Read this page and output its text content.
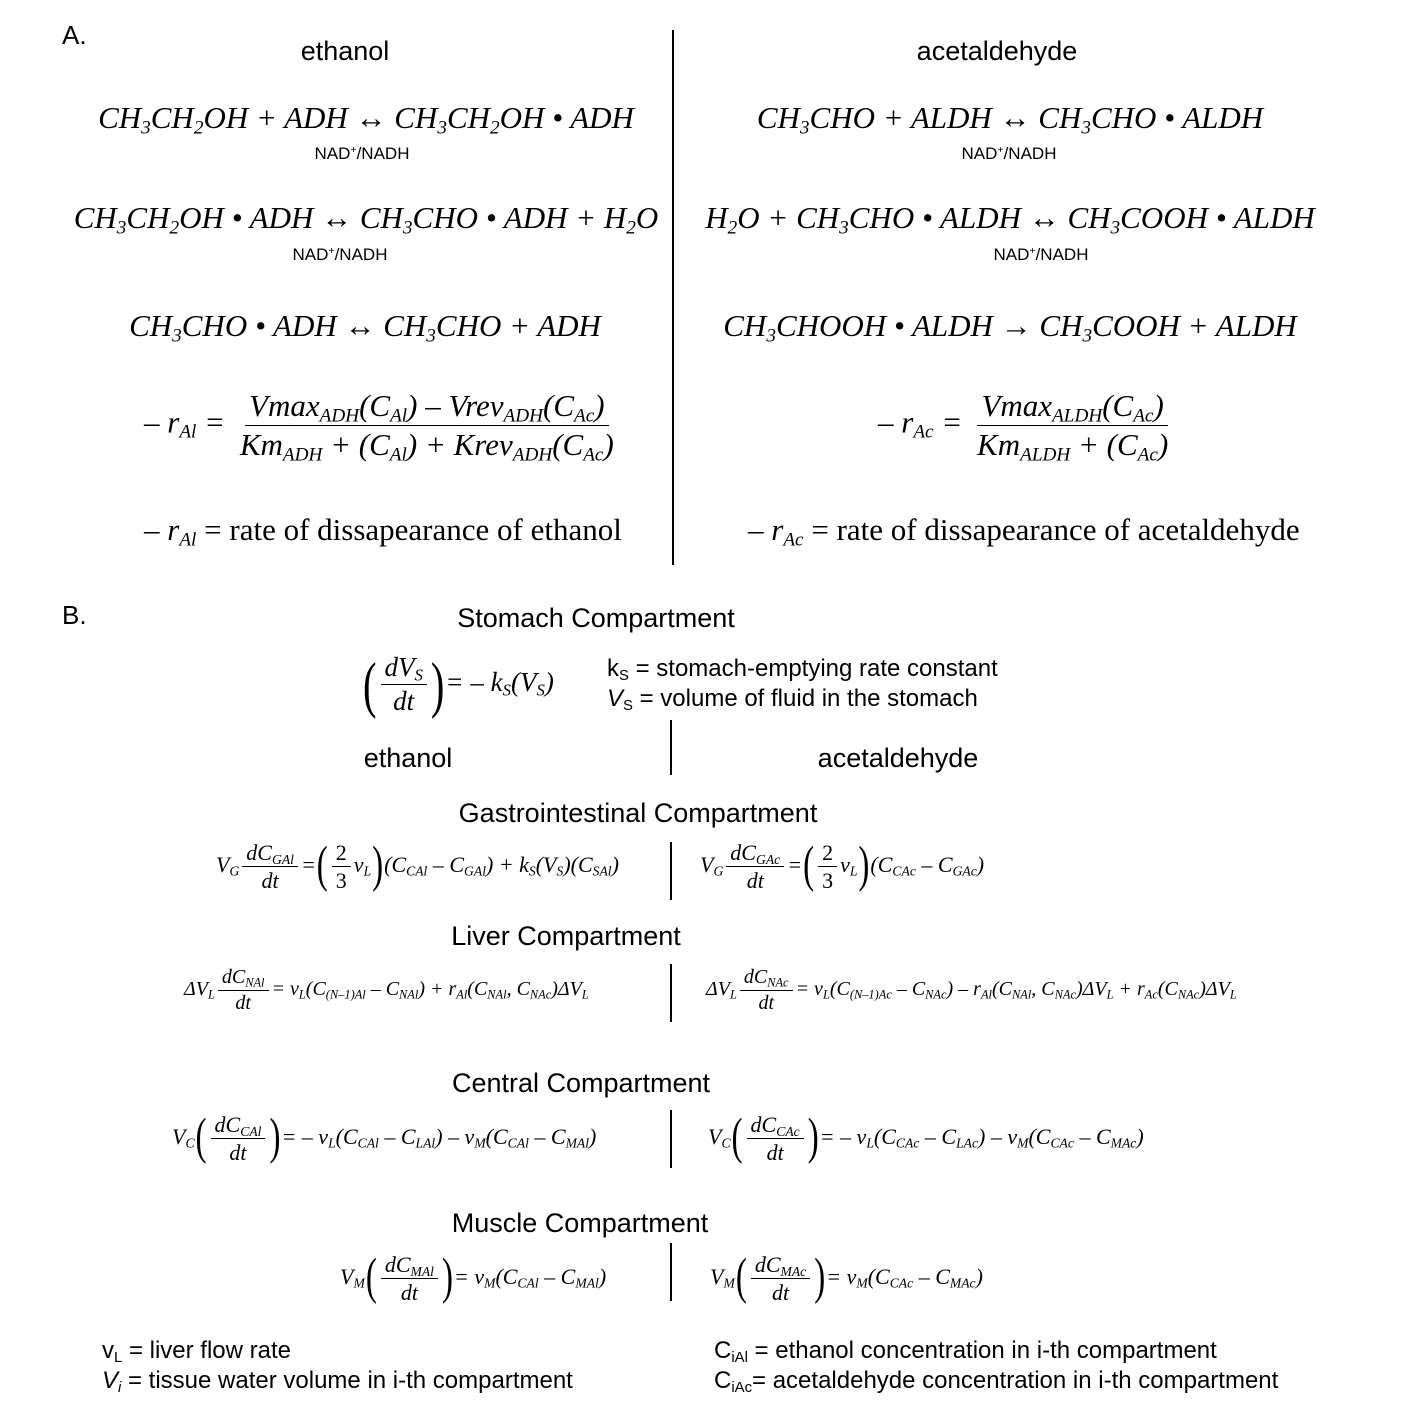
A.
ethanol	acetaldehyde
$CH_3CH_2OH$ + ADH ↔ $CH_3CH_2OH$ • ADH
NAD+/NADH
$CH_3CH_2OH$ • ADH ↔ $CH_3CHO$ • ADH + $H_2O$
NAD+/NADH
$CH_3CHO$ • ADH ↔ $CH_3CHO$ + ADH
– $r_{Al} = \frac{Vmax_{ADH}(C_{Al}) - Vrev_{ADH}(C_{Ac})}{Km_{ADH} + (C_{Al}) + Krev_{ADH}(C_{Ac})}$
– $r_{Al}$ = rate of dissapearance of ethanol
$CH_3CHO$ + ALDH ↔ $CH_3CHO$ • ALDH
NAD+/NADH
$H_2O + CH_3CHO$ • ALDH ↔ $CH_3COOH$ • ALDH
NAD+/NADH
$CH_3CHOOH$ • ALDH → $CH_3COOH$ + ALDH
– $r_{Ac} = \frac{Vmax_{ALDH}(C_{Ac})}{Km_{ALDH} + (C_{Ac})}$
– $r_{Ac}$ = rate of dissapearance of acetaldehyde
B.	Stomach Compartment
( $\frac{dV_S}{dt}$ )= – $k_S(V_S) k_S$ = stomach-emptying rate constant
$V_S$ = volume of fluid in the stomach
ethanol	acetaldehyde
Gastrointestinal Compartment
$V_G \frac{dC_{GAl}}{dt}$ =( $\frac{2}{3} v_L)(C_{CAl} - C_{GAl}) + k_S(V_S)(C_{SAl})$	$V_G \frac{dC_{GAc}}{dt}$ =( $\frac{2}{3} v_L)(C_{CAc} - C_{GAc})$
Liver Compartment
$\Delta V_L \frac{dC_{NAl}}{dt} = v_L(C_{(N-1)Al} - C_{NAl}) + r_{Al}(C_{NAl}$, $C_{NAc})\Delta V_L$	$\Delta V_L \frac{dC_{NAc}}{dt} = v_L(C_{(N-1)Ac} - C_{NAc}) - r_{Al}(C_{NAl}$, $C_{NAc})\Delta V_L + r_{Ac}(C_{NAc})\Delta V_L$
Central Compartment
$V_C( \frac{dC_{CAl}}{dt}$ )= – $v_L(C_{CAl} - C_{LAl}) - v_M(C_{CAl} - C_{MAl})$	$V_C( \frac{dC_{CAc}}{dt}$ )= – $v_L(C_{CAc} - C_{LAc}) - v_M(C_{CAc} - C_{MAc})$
Muscle Compartment
$V_M( \frac{dC_{MAl}}{dt}$ )= $v_M(C_{CAl} - C_{MAl})$	$V_M( \frac{dC_{MAc}}{dt}$ )= $v_M(C_{CAc} - C_{MAc})$
$v_L$ = liver flow rate
$V_i$ = tissue water volume in i-th compartment
$C_{iAl}$ = ethanol concentration in i-th compartment
$C_{iAc}=$ acetaldehyde concentration in i-th compartment
